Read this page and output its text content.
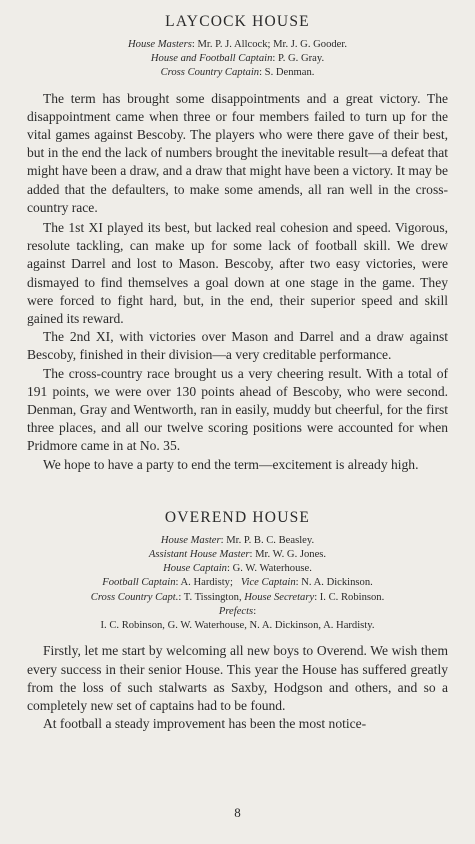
LAYCOCK HOUSE
House Masters: Mr. P. J. Allcock; Mr. J. G. Gooder.
House and Football Captain: P. G. Gray.
Cross Country Captain: S. Denman.

The term has brought some disappointments and a great victory. The disappointment came when three or four members failed to turn up for the vital games against Bescoby. The players who were there gave of their best, but in the end the lack of numbers brought the inevitable result—a defeat that might have been a draw, and a draw that might have been a victory. It may be added that the defaulters, to make some amends, all ran well in the cross-country race.

The 1st XI played its best, but lacked real cohesion and speed. Vigorous, resolute tackling, can make up for some lack of football skill. We drew against Darrel and lost to Mason. Bescoby, after two easy victories, were dismayed to find themselves a goal down at one stage in the game. They were forced to fight hard, but, in the end, their superior speed and skill gained its reward.

The 2nd XI, with victories over Mason and Darrel and a draw against Bescoby, finished in their division—a very creditable performance.

The cross-country race brought us a very cheering result. With a total of 191 points, we were over 130 points ahead of Bescoby, who were second. Denman, Gray and Wentworth, ran in easily, muddy but cheerful, for the first three places, and all our twelve scoring positions were accounted for when Pridmore came in at No. 35.

We hope to have a party to end the term—excitement is already high.

OVEREND HOUSE
House Master: Mr. P. B. C. Beasley.
Assistant House Master: Mr. W. G. Jones.
House Captain: G. W. Waterhouse.
Football Captain: A. Hardisty; Vice Captain: N. A. Dickinson.
Cross Country Capt.: T. Tissington, House Secretary: I. C. Robinson.
Prefects:
I. C. Robinson, G. W. Waterhouse, N. A. Dickinson, A. Hardisty.

Firstly, let me start by welcoming all new boys to Overend. We wish them every success in their senior House. This year the House has suffered greatly from the loss of such stalwarts as Saxby, Hodgson and others, and so a completely new set of captains had to be found.

At football a steady improvement has been the most notice-

8
